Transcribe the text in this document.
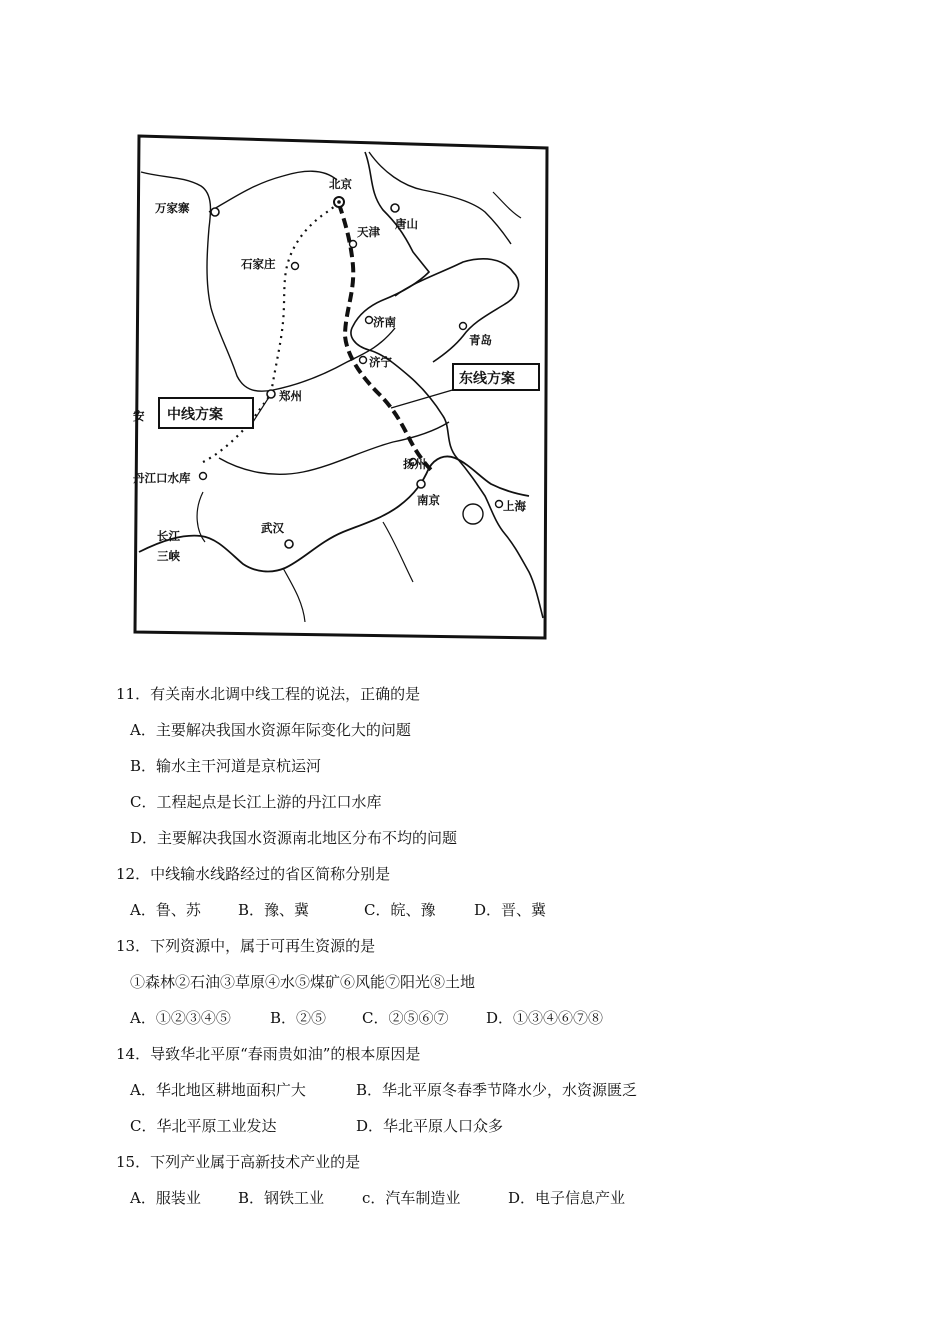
北京
唐山
万家寨
天津
石家庄
济南
青岛
济宁
郑州
丹江口水库
扬州
南京	上海
武汉
长江
三峡
安
东线方案
中线方案
11．有关南水北调中线工程的说法，正确的是
A．主要解决我国水资源年际变化大的问题
B．输水主干河道是京杭运河
C．工程起点是长江上游的丹江口水库
D．主要解决我国水资源南北地区分布不均的问题
12．中线输水线路经过的省区简称分别是
A．鲁、苏 B．豫、冀	C．皖、豫	D．晋、冀
13．下列资源中，属于可再生资源的是
①森林②石油③草原④水⑤煤矿⑥风能⑦阳光⑧土地
A．①②③④⑤	B．②⑤ C．②⑤⑥⑦	D．①③④⑥⑦⑧
14．导致华北平原“春雨贵如油”的根本原因是
A．华北地区耕地面积广大	B．华北平原冬春季节降水少，水资源匮乏
C．华北平原工业发达	D．华北平原人口众多
15．下列产业属于高新技术产业的是
A．服装业 B．钢铁工业	c．汽车制造业	D．电子信息产业
